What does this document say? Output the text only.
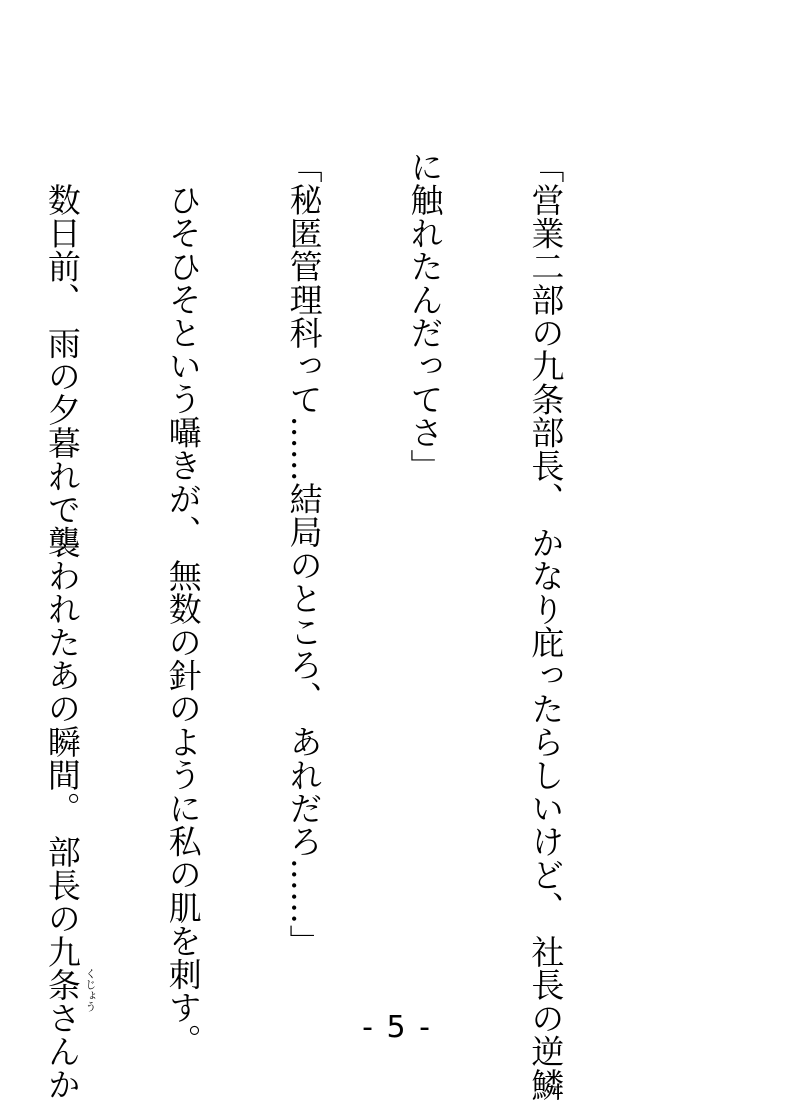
「営業二部の九条部長、 かなり庇ったらしいけど、 社長の逆鱗

に触れたんだってさ」

「秘匿管理科って……結局のところ、 あれだろ……」

ひそひそという囁きが、 無数の針のように私の肌を刺す。

数日前、 雨の夕暮れで襲われたあの瞬間。 部長の
くじょう
九条さんか

	- 5 -
